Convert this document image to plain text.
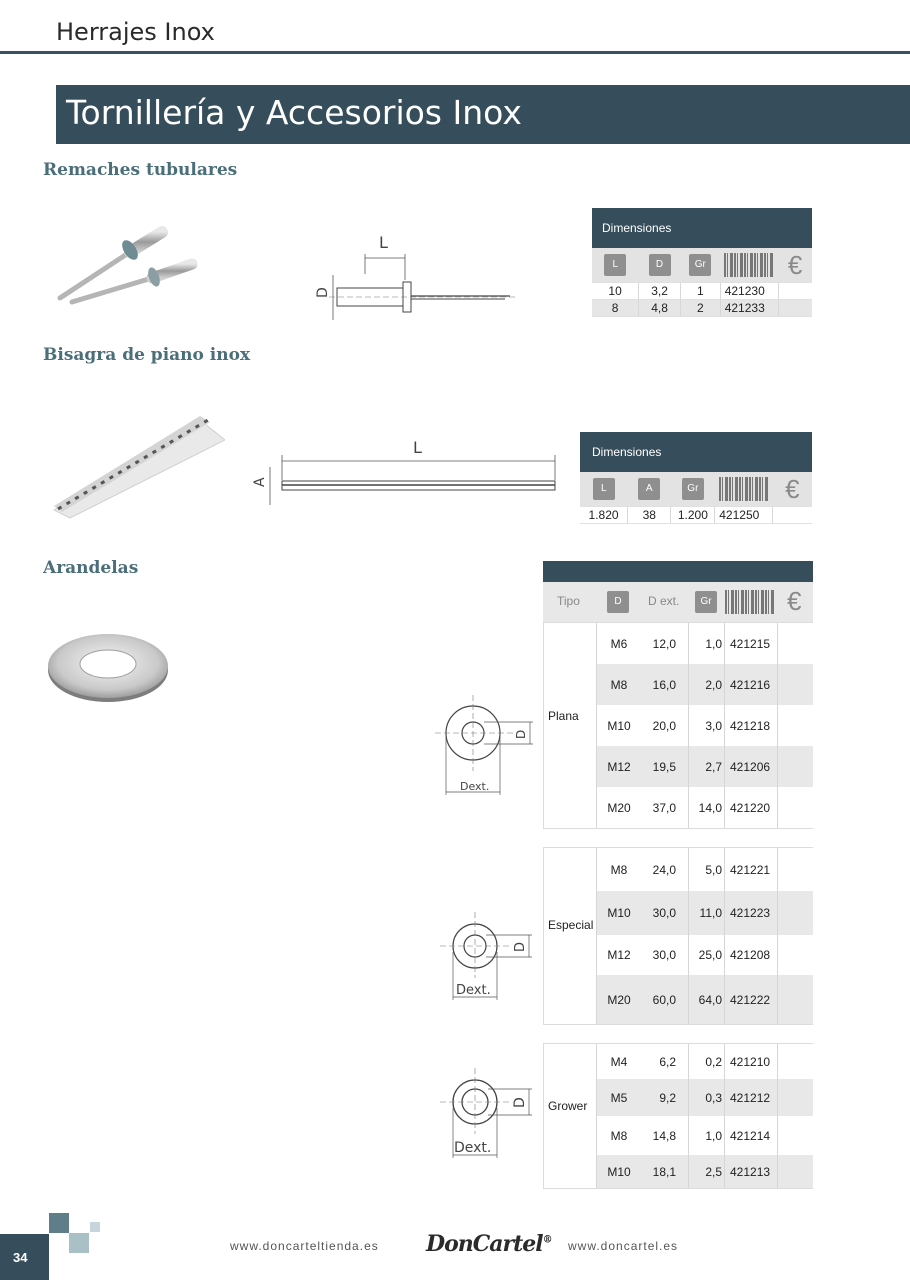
Herrajes Inox
Tornillería y Accesorios Inox
Remaches tubulares
L
D
Dimensiones				
L	D	Gr		€
10	3,2	1	421230	
8	4,8	2	421233	
Bisagra de piano inox
L
A
Dimensiones				
L	A	Gr		€
1.820	38	1.200	421250	
Arandelas
D
Dext.
D
Dext.
D
Dext.
Tipo	D	D ext.	Gr	€
Plana
M6	12,0	1,0 421215
M8	16,0	2,0 421216
M10	20,0	3,0 421218
M12	19,5	2,7 421206
M20	37,0	14,0 421220
Especial
M8	24,0	5,0 421221
M10	30,0	11,0 421223
M12	30,0	25,0 421208
M20	60,0	64,0 421222
Grower
M4	6,2	0,2 421210
M5	9,2	0,3 421212
M8	14,8	1,0 421214
M10	18,1	2,5 421213
34
www.doncarteltienda.es DonCartel® www.doncartel.es
